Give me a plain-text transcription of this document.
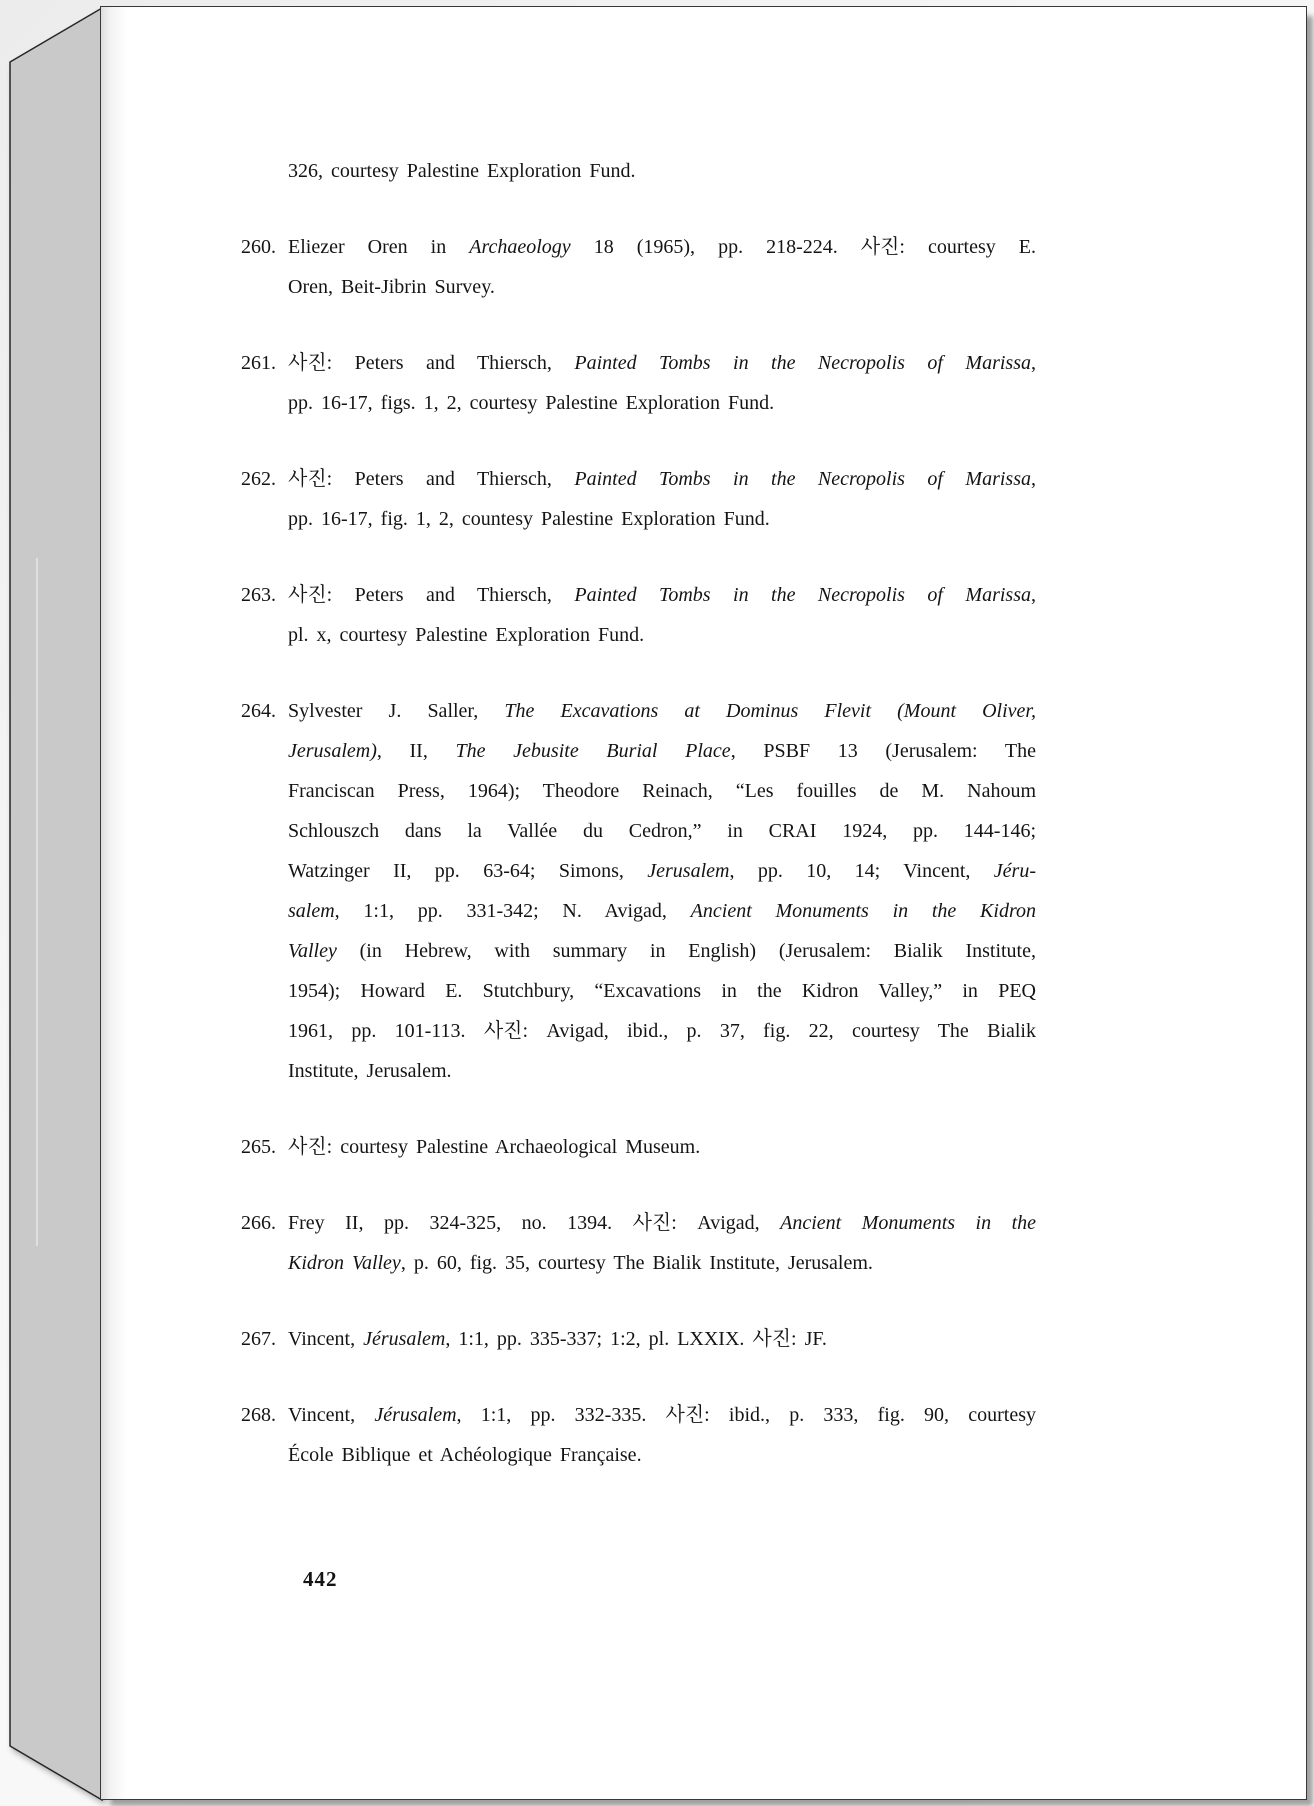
326, courtesy Palestine Exploration Fund.
260. Eliezer Oren in Archaeology 18 (1965), pp. 218-224. 사진: courtesy E.
Oren, Beit-Jibrin Survey.
261. 사진: Peters and Thiersch, Painted Tombs in the Necropolis of Marissa,
pp. 16-17, figs. 1, 2, courtesy Palestine Exploration Fund.
262. 사진: Peters and Thiersch, Painted Tombs in the Necropolis of Marissa,
pp. 16-17, fig. 1, 2, countesy Palestine Exploration Fund.
263. 사진: Peters and Thiersch, Painted Tombs in the Necropolis of Marissa,
pl. x, courtesy Palestine Exploration Fund.
264. Sylvester J. Saller, The Excavations at Dominus Flevit (Mount Oliver,
Jerusalem), II, The Jebusite Burial Place, PSBF 13 (Jerusalem: The
Franciscan Press, 1964); Theodore Reinach, “Les fouilles de M. Nahoum
Schlouszch dans la Vallée du Cedron,” in CRAI 1924, pp. 144-146;
Watzinger II, pp. 63-64; Simons, Jerusalem, pp. 10, 14; Vincent, Jéru-
salem, 1:1, pp. 331-342; N. Avigad, Ancient Monuments in the Kidron
Valley (in Hebrew, with summary in English) (Jerusalem: Bialik Institute,
1954); Howard E. Stutchbury, “Excavations in the Kidron Valley,” in PEQ
1961, pp. 101-113. 사진: Avigad, ibid., p. 37, fig. 22, courtesy The Bialik
Institute, Jerusalem.
265. 사진: courtesy Palestine Archaeological Museum.
266. Frey II, pp. 324-325, no. 1394. 사진: Avigad, Ancient Monuments in the
Kidron Valley, p. 60, fig. 35, courtesy The Bialik Institute, Jerusalem.
267. Vincent, Jérusalem, 1:1, pp. 335-337; 1:2, pl. LXXIX. 사진: JF.
268. Vincent, Jérusalem, 1:1, pp. 332-335. 사진: ibid., p. 333, fig. 90, courtesy
École Biblique et Achéologique Française.
442
